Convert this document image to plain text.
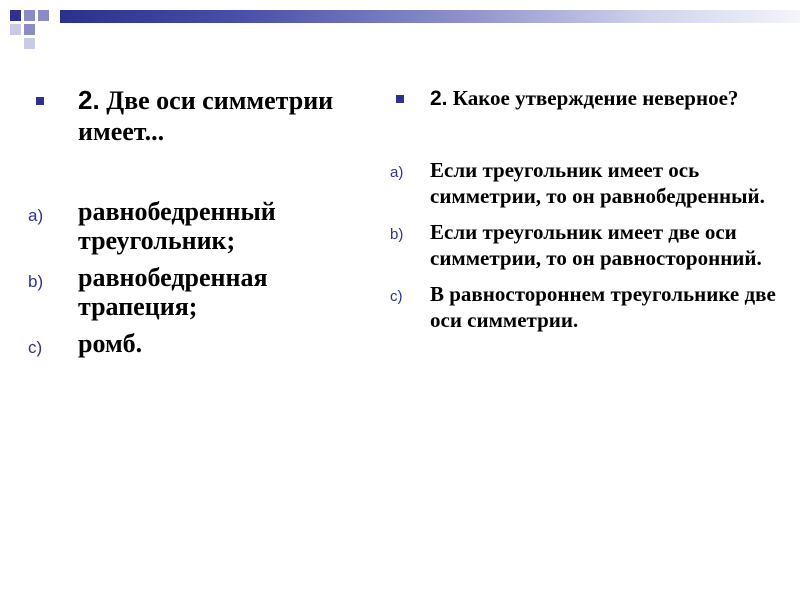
2. Две оси симметрии имеет...
a) равнобедренный треугольник;
b) равнобедренная трапеция;
c) ромб.
2. Какое утверждение неверное?
a) Если треугольник имеет ось симметрии, то он равнобедренный.
b) Если треугольник имеет две оси симметрии, то он равносторонний.
c) В равностороннем треугольнике две оси симметрии.
